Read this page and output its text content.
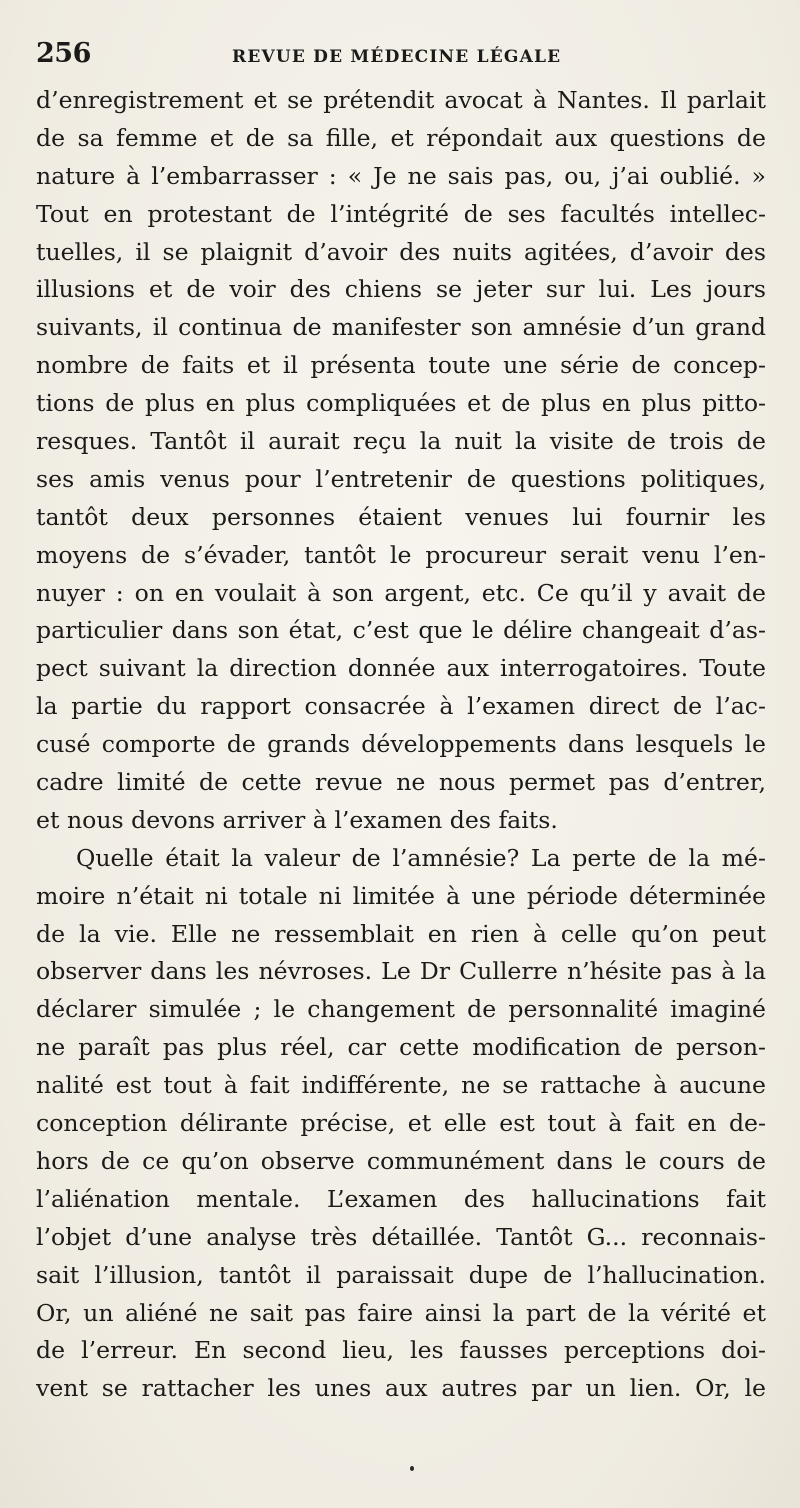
256	REVUE DE MÉDECINE LÉGALE
d’enregistrement et se prétendit avocat à Nantes. Il parlait
de sa femme et de sa fille, et répondait aux questions de
nature à l’embarrasser : « Je ne sais pas, ou, j’ai oublié. »
Tout en protestant de l’intégrité de ses facultés intellec-
tuelles, il se plaignit d’avoir des nuits agitées, d’avoir des
illusions et de voir des chiens se jeter sur lui. Les jours
suivants, il continua de manifester son amnésie d’un grand
nombre de faits et il présenta toute une série de concep-
tions de plus en plus compliquées et de plus en plus pitto-
resques. Tantôt il aurait reçu la nuit la visite de trois de
ses amis venus pour l’entretenir de questions politiques,
tantôt deux personnes étaient venues lui fournir les
moyens de s’évader, tantôt le procureur serait venu l’en-
nuyer : on en voulait à son argent, etc. Ce qu’il y avait de
particulier dans son état, c’est que le délire changeait d’as-
pect suivant la direction donnée aux interrogatoires. Toute
la partie du rapport consacrée à l’examen direct de l’ac-
cusé comporte de grands développements dans lesquels le
cadre limité de cette revue ne nous permet pas d’entrer,
et nous devons arriver à l’examen des faits.
Quelle était la valeur de l’amnésie? La perte de la mé-
moire n’était ni totale ni limitée à une période déterminée
de la vie. Elle ne ressemblait en rien à celle qu’on peut
observer dans les névroses. Le Dr Cullerre n’hésite pas à la
déclarer simulée ; le changement de personnalité imaginé
ne paraît pas plus réel, car cette modification de person-
nalité est tout à fait indifférente, ne se rattache à aucune
conception délirante précise, et elle est tout à fait en de-
hors de ce qu’on observe communément dans le cours de
l’aliénation mentale. L’examen des hallucinations fait
l’objet d’une analyse très détaillée. Tantôt G... reconnais-
sait l’illusion, tantôt il paraissait dupe de l’hallucination.
Or, un aliéné ne sait pas faire ainsi la part de la vérité et
de l’erreur. En second lieu, les fausses perceptions doi-
vent se rattacher les unes aux autres par un lien. Or, le
